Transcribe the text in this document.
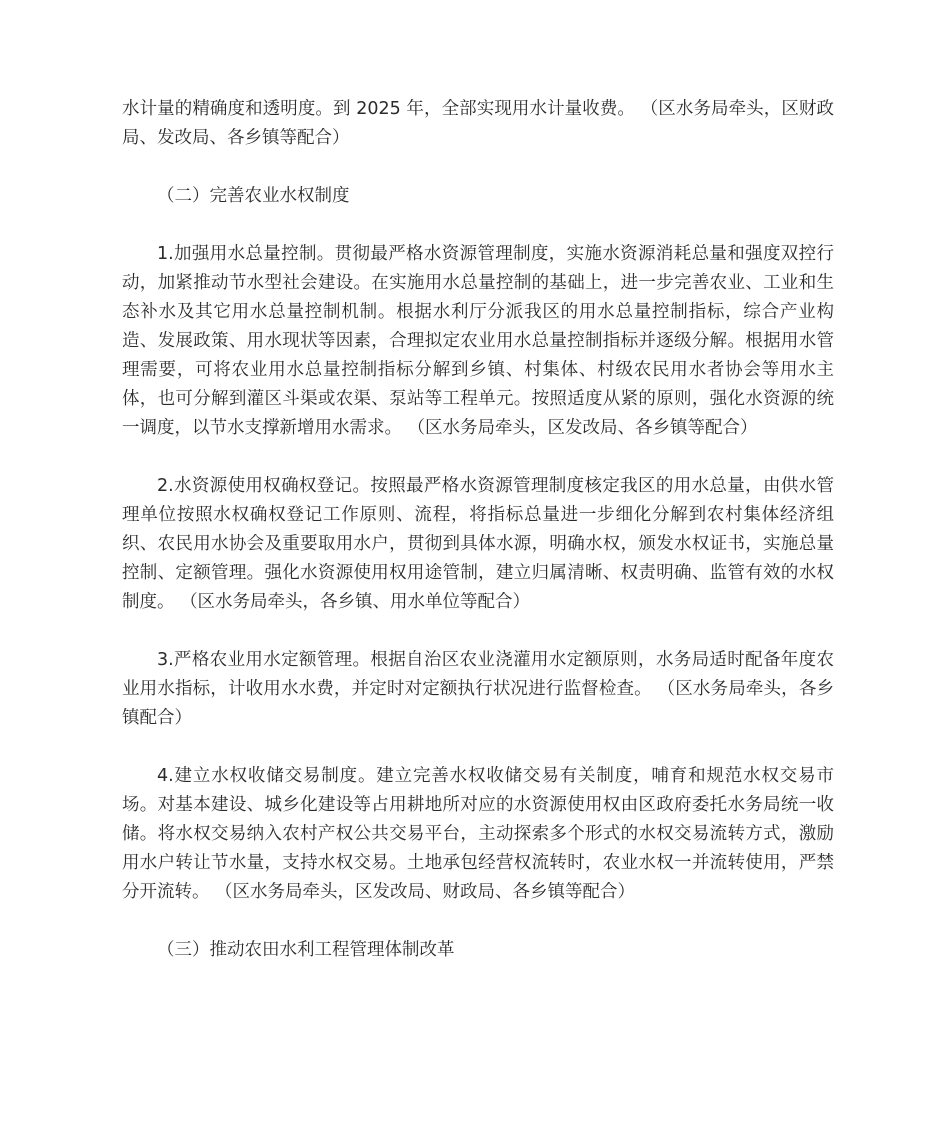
水计量的精确度和透明度。到 2025 年，全部实现用水计量收费。 （区水务局牵头，区财政局、发改局、各乡镇等配合）

（二）完善农业水权制度

1.加强用水总量控制。贯彻最严格水资源管理制度，实施水资源消耗总量和强度双控行动，加紧推动节水型社会建设。在实施用水总量控制的基础上，进一步完善农业、工业和生态补水及其它用水总量控制机制。根据水利厅分派我区的用水总量控制指标，综合产业构造、发展政策、用水现状等因素，合理拟定农业用水总量控制指标并逐级分解。根据用水管理需要，可将农业用水总量控制指标分解到乡镇、村集体、村级农民用水者协会等用水主体，也可分解到灌区斗渠或农渠、泵站等工程单元。按照适度从紧的原则，强化水资源的统一调度，以节水支撑新增用水需求。 （区水务局牵头，区发改局、各乡镇等配合）

2.水资源使用权确权登记。按照最严格水资源管理制度核定我区的用水总量，由供水管理单位按照水权确权登记工作原则、流程，将指标总量进一步细化分解到农村集体经济组织、农民用水协会及重要取用水户，贯彻到具体水源，明确水权，颁发水权证书，实施总量控制、定额管理。强化水资源使用权用途管制，建立归属清晰、权责明确、监管有效的水权制度。 （区水务局牵头，各乡镇、用水单位等配合）

3.严格农业用水定额管理。根据自治区农业浇灌用水定额原则，水务局适时配备年度农业用水指标，计收用水水费，并定时对定额执行状况进行监督检查。 （区水务局牵头，各乡镇配合）

4.建立水权收储交易制度。建立完善水权收储交易有关制度，哺育和规范水权交易市场。对基本建设、城乡化建设等占用耕地所对应的水资源使用权由区政府委托水务局统一收储。将水权交易纳入农村产权公共交易平台，主动探索多个形式的水权交易流转方式，激励用水户转让节水量，支持水权交易。土地承包经营权流转时，农业水权一并流转使用，严禁分开流转。 （区水务局牵头，区发改局、财政局、各乡镇等配合）

（三）推动农田水利工程管理体制改革
